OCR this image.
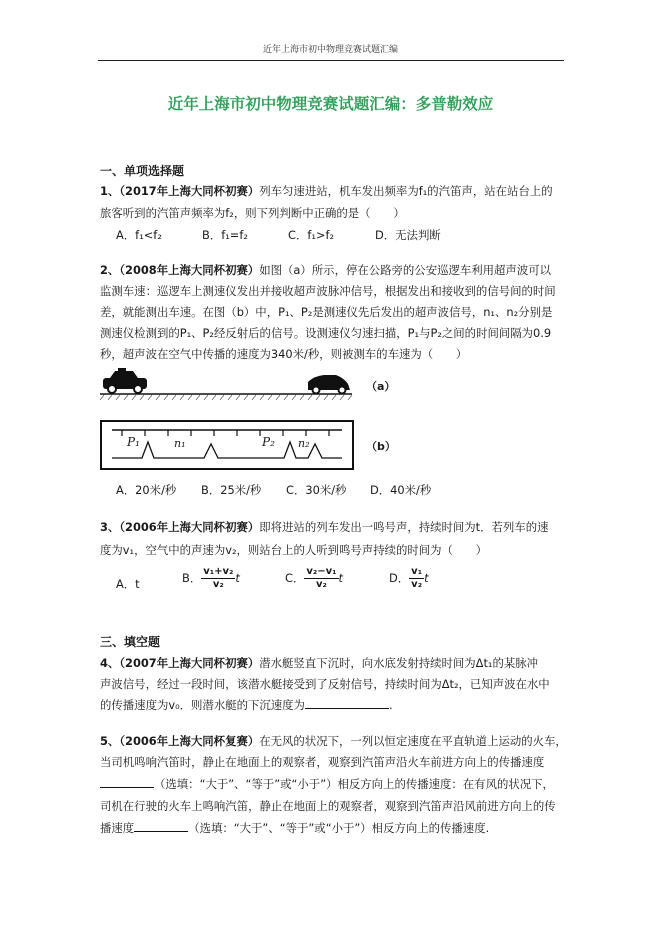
近年上海市初中物理竞赛试题汇编
近年上海市初中物理竞赛试题汇编：多普勒效应
一、单项选择题
1、（2017年上海大同杯初赛）列车匀速进站，机车发出频率为f₁的汽笛声，站在站台上的
旅客听到的汽笛声频率为f₂，则下列判断中正确的是（　　）
A．f₁<f₂	B．f₁=f₂	C．f₁>f₂	D．无法判断
2、（2008年上海大同杯初赛）如图（a）所示，停在公路旁的公安巡逻车利用超声波可以
监测车速：巡逻车上测速仪发出并接收超声波脉冲信号，根据发出和接收到的信号间的时间
差，就能测出车速。在图（b）中，P₁、P₂是测速仪先后发出的超声波信号，n₁、n₂分别是
测速仪检测到的P₁、P₂经反射后的信号。设测速仪匀速扫描，P₁与P₂之间的时间间隔为0.9
秒，超声波在空气中传播的速度为340米/秒，则被测车的车速为（　　）
（a）
P₁	n₁	P₂ n₂	（b）
A．20米/秒 B．25米/秒 C．30米/秒 D．40米/秒
3、（2006年上海大同杯初赛）即将进站的列车发出一鸣号声，持续时间为t．若列车的速
度为v₁，空气中的声速为v₂，则站台上的人听到鸣号声持续的时间为（　　）
A．t	B． $\frac{\text{v₁+v₂}}{\text{v₂}}$ t	C． $\frac{\text{v₂−v₁}}{\text{v₂}}$ t	D． $\frac{\text{v₁}}{\text{v₂}}$ t
三、填空题
4、（2007年上海大同杯初赛）潜水艇竖直下沉时，向水底发射持续时间为Δt₁的某脉冲
声波信号，经过一段时间，该潜水艇接受到了反射信号，持续时间为Δt₂，已知声波在水中
的传播速度为v₀．则潜水艇的下沉速度为	.
5、（2006年上海大同杯复赛）在无风的状况下，一列以恒定速度在平直轨道上运动的火车，
当司机鸣响汽笛时，静止在地面上的观察者，观察到汽笛声沿火车前进方向上的传播速度
（选填：“大于”、“等于”或“小于”）相反方向上的传播速度：在有风的状况下，
司机在行驶的火车上鸣响汽笛，静止在地面上的观察者，观察到汽笛声沿风前进方向上的传
播速度	（选填：“大于”、“等于”或“小于”）相反方向上的传播速度.
